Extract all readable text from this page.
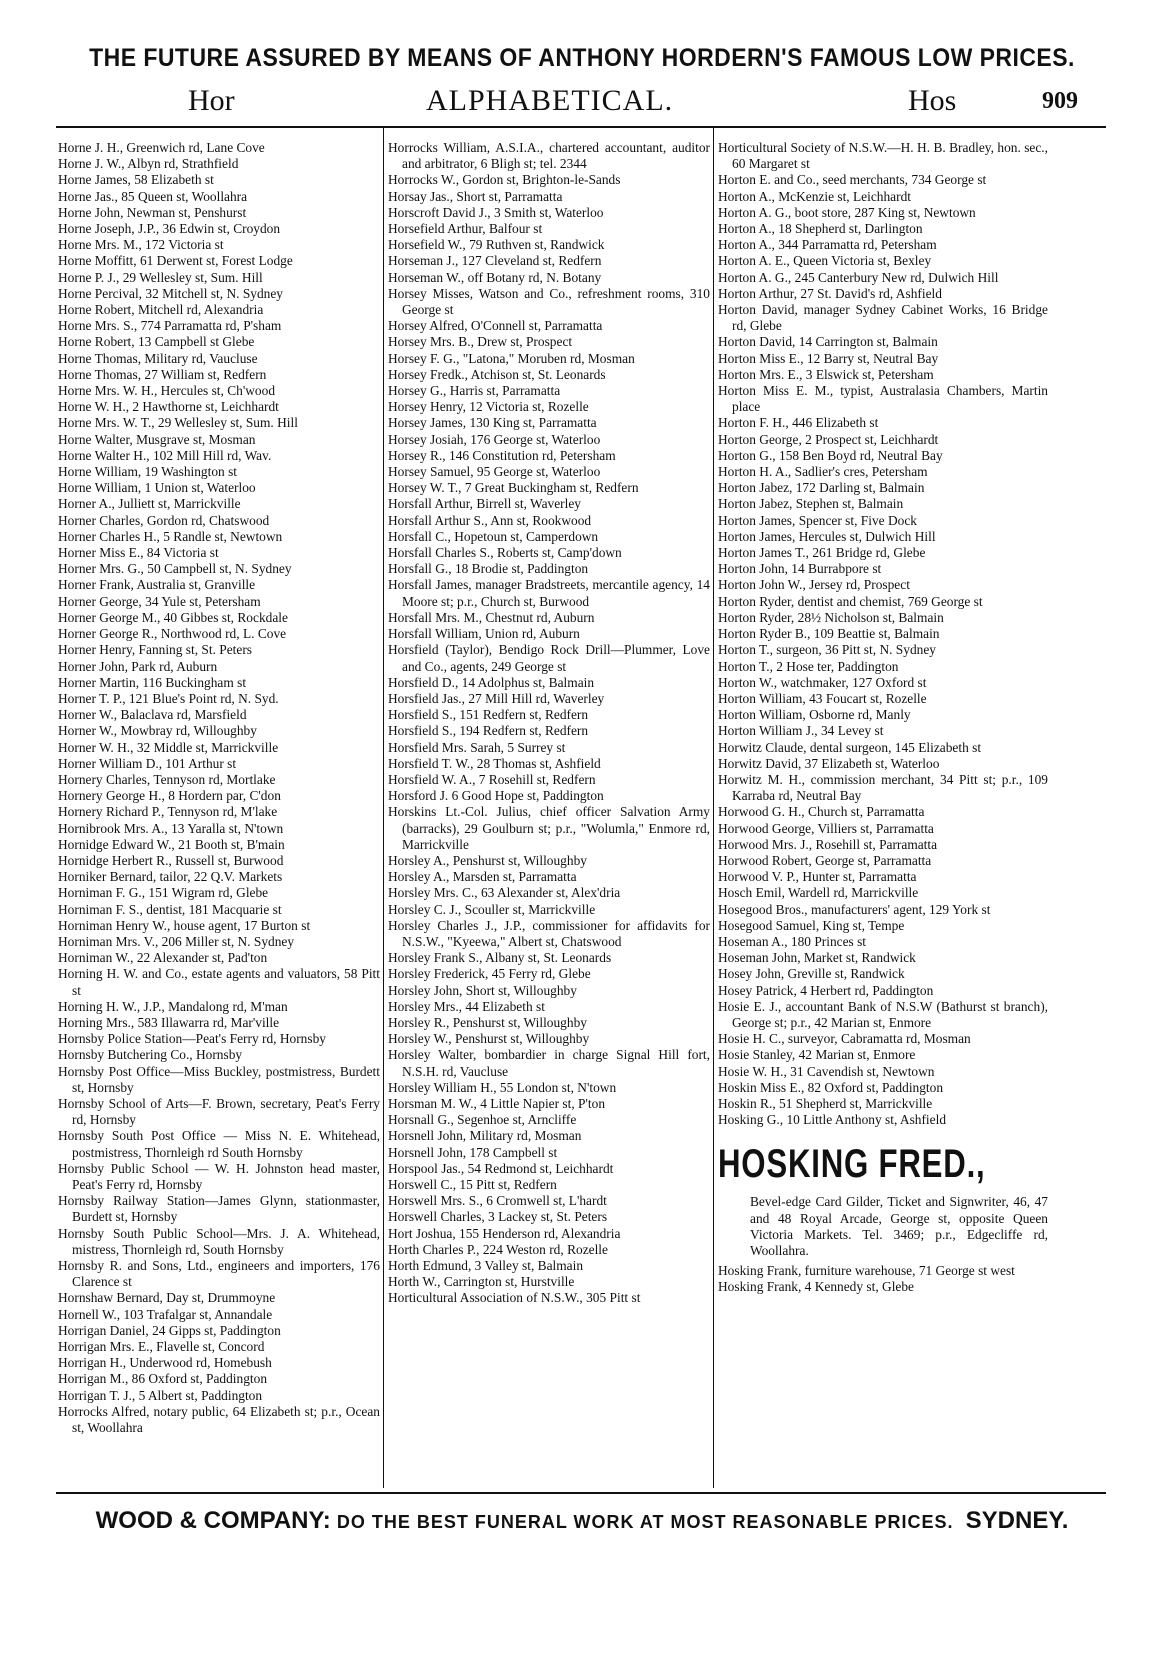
THE FUTURE ASSURED BY MEANS OF ANTHONY HORDERN'S FAMOUS LOW PRICES.
Hor	ALPHABETICAL.	Hos	909
Horne J. H., Greenwich rd, Lane Cove
Horne J. W., Albyn rd, Strathfield
Horne James, 58 Elizabeth st
Horne Jas., 85 Queen st, Woollahra
Horne John, Newman st, Penshurst
Horne Joseph, J.P., 36 Edwin st, Croydon
Horne Mrs. M., 172 Victoria st
Horne Moffitt, 61 Derwent st, Forest Lodge
Horne P. J., 29 Wellesley st, Sum. Hill
Horne Percival, 32 Mitchell st, N. Sydney
Horne Robert, Mitchell rd, Alexandria
Horne Mrs. S., 774 Parramatta rd, P'sham
Horne Robert, 13 Campbell st Glebe
Horne Thomas, Military rd, Vaucluse
Horne Thomas, 27 William st, Redfern
Horne Mrs. W. H., Hercules st, Ch'wood
Horne W. H., 2 Hawthorne st, Leichhardt
Horne Mrs. W. T., 29 Wellesley st, Sum. Hill
Horne Walter, Musgrave st, Mosman
Horne Walter H., 102 Mill Hill rd, Wav.
Horne William, 19 Washington st
Horne William, 1 Union st, Waterloo
Horner A., Julliett st, Marrickville
Horner Charles, Gordon rd, Chatswood
Horner Charles H., 5 Randle st, Newtown
Horner Miss E., 84 Victoria st
Horner Mrs. G., 50 Campbell st, N. Sydney
Horner Frank, Australia st, Granville
Horner George, 34 Yule st, Petersham
Horner George M., 40 Gibbes st, Rockdale
Horner George R., Northwood rd, L. Cove
Horner Henry, Fanning st, St. Peters
Horner John, Park rd, Auburn
Horner Martin, 116 Buckingham st
Horner T. P., 121 Blue's Point rd, N. Syd.
Horner W., Balaclava rd, Marsfield
Horner W., Mowbray rd, Willoughby
Horner W. H., 32 Middle st, Marrickville
Horner William D., 101 Arthur st
Hornery Charles, Tennyson rd, Mortlake
Hornery George H., 8 Hordern par, C'don
Hornery Richard P., Tennyson rd, M'lake
Hornibrook Mrs. A., 13 Yaralla st, N'town
Hornidge Edward W., 21 Booth st, B'main
Hornidge Herbert R., Russell st, Burwood
Horniker Bernard, tailor, 22 Q.V. Markets
Horniman F. G., 151 Wigram rd, Glebe
Horniman F. S., dentist, 181 Macquarie st
Horniman Henry W., house agent, 17 Burton st
Horniman Mrs. V., 206 Miller st, N. Sydney
Horniman W., 22 Alexander st, Pad'ton
Horning H. W. and Co., estate agents and valuators, 58 Pitt st
Horning H. W., J.P., Mandalong rd, M'man
Horning Mrs., 583 Illawarra rd, Mar'ville
Hornsby Police Station—Peat's Ferry rd, Hornsby
Hornsby Butchering Co., Hornsby
Hornsby Post Office—Miss Buckley, postmistress, Burdett st, Hornsby
Hornsby School of Arts—F. Brown, secretary, Peat's Ferry rd, Hornsby
Hornsby South Post Office — Miss N. E. Whitehead, postmistress, Thornleigh rd South Hornsby
Hornsby Public School — W. H. Johnston head master, Peat's Ferry rd, Hornsby
Hornsby Railway Station—James Glynn, stationmaster, Burdett st, Hornsby
Hornsby South Public School—Mrs. J. A. Whitehead, mistress, Thornleigh rd, South Hornsby
Hornsby R. and Sons, Ltd., engineers and importers, 176 Clarence st
Hornshaw Bernard, Day st, Drummoyne
Hornell W., 103 Trafalgar st, Annandale
Horrigan Daniel, 24 Gipps st, Paddington
Horrigan Mrs. E., Flavelle st, Concord
Horrigan H., Underwood rd, Homebush
Horrigan M., 86 Oxford st, Paddington
Horrigan T. J., 5 Albert st, Paddington
Horrocks Alfred, notary public, 64 Elizabeth st; p.r., Ocean st, Woollahra
Horrocks William, A.S.I.A., chartered accountant, auditor and arbitrator, 6 Bligh st; tel. 2344
Horrocks W., Gordon st, Brighton-le-Sands
Horsay Jas., Short st, Parramatta
Horscroft David J., 3 Smith st, Waterloo
Horsefield Arthur, Balfour st
Horsefield W., 79 Ruthven st, Randwick
Horseman J., 127 Cleveland st, Redfern
Horseman W., off Botany rd, N. Botany
Horsey Misses, Watson and Co., refreshment rooms, 310 George st
Horsey Alfred, O'Connell st, Parramatta
Horsey Mrs. B., Drew st, Prospect
Horsey F. G., "Latona," Moruben rd, Mosman
Horsey Fredk., Atchison st, St. Leonards
Horsey G., Harris st, Parramatta
Horsey Henry, 12 Victoria st, Rozelle
Horsey James, 130 King st, Parramatta
Horsey Josiah, 176 George st, Waterloo
Horsey R., 146 Constitution rd, Petersham
Horsey Samuel, 95 George st, Waterloo
Horsey W. T., 7 Great Buckingham st, Redfern
Horsfall Arthur, Birrell st, Waverley
Horsfall Arthur S., Ann st, Rookwood
Horsfall C., Hopetoun st, Camperdown
Horsfall Charles S., Roberts st, Camp'down
Horsfall G., 18 Brodie st, Paddington
Horsfall James, manager Bradstreets, mercantile agency, 14 Moore st; p.r., Church st, Burwood
Horsfall Mrs. M., Chestnut rd, Auburn
Horsfall William, Union rd, Auburn
Horsfield (Taylor), Bendigo Rock Drill—Plummer, Love and Co., agents, 249 George st
Horsfield D., 14 Adolphus st, Balmain
Horsfield Jas., 27 Mill Hill rd, Waverley
Horsfield S., 151 Redfern st, Redfern
Horsfield S., 194 Redfern st, Redfern
Horsfield Mrs. Sarah, 5 Surrey st
Horsfield T. W., 28 Thomas st, Ashfield
Horsfield W. A., 7 Rosehill st, Redfern
Horsford J. 6 Good Hope st, Paddington
Horskins Lt.-Col. Julius, chief officer Salvation Army (barracks), 29 Goulburn st; p.r., "Wolumla," Enmore rd, Marrickville
Horsley A., Penshurst st, Willoughby
Horsley A., Marsden st, Parramatta
Horsley Mrs. C., 63 Alexander st, Alex'dria
Horsley C. J., Scouller st, Marrickville
Horsley Charles J., J.P., commissioner for affidavits for N.S.W., "Kyeewa," Albert st, Chatswood
Horsley Frank S., Albany st, St. Leonards
Horsley Frederick, 45 Ferry rd, Glebe
Horsley John, Short st, Willoughby
Horsley Mrs., 44 Elizabeth st
Horsley R., Penshurst st, Willoughby
Horsley W., Penshurst st, Willoughby
Horsley Walter, bombardier in charge Signal Hill fort, N.S.H. rd, Vaucluse
Horsley William H., 55 London st, N'town
Horsman M. W., 4 Little Napier st, P'ton
Horsnall G., Segenhoe st, Arncliffe
Horsnell John, Military rd, Mosman
Horsnell John, 178 Campbell st
Horspool Jas., 54 Redmond st, Leichhardt
Horswell C., 15 Pitt st, Redfern
Horswell Mrs. S., 6 Cromwell st, L'hardt
Horswell Charles, 3 Lackey st, St. Peters
Hort Joshua, 155 Henderson rd, Alexandria
Horth Charles P., 224 Weston rd, Rozelle
Horth Edmund, 3 Valley st, Balmain
Horth W., Carrington st, Hurstville
Horticultural Association of N.S.W., 305 Pitt st
Horticultural Society of N.S.W.—H. H. B. Bradley, hon. sec., 60 Margaret st
Horton E. and Co., seed merchants, 734 George st
Horton A., McKenzie st, Leichhardt
Horton A. G., boot store, 287 King st, Newtown
Horton A., 18 Shepherd st, Darlington
Horton A., 344 Parramatta rd, Petersham
Horton A. E., Queen Victoria st, Bexley
Horton A. G., 245 Canterbury New rd, Dulwich Hill
Horton Arthur, 27 St. David's rd, Ashfield
Horton David, manager Sydney Cabinet Works, 16 Bridge rd, Glebe
Horton David, 14 Carrington st, Balmain
Horton Miss E., 12 Barry st, Neutral Bay
Horton Mrs. E., 3 Elswick st, Petersham
Horton Miss E. M., typist, Australasia Chambers, Martin place
Horton F. H., 446 Elizabeth st
Horton George, 2 Prospect st, Leichhardt
Horton G., 158 Ben Boyd rd, Neutral Bay
Horton H. A., Sadlier's cres, Petersham
Horton Jabez, 172 Darling st, Balmain
Horton Jabez, Stephen st, Balmain
Horton James, Spencer st, Five Dock
Horton James, Hercules st, Dulwich Hill
Horton James T., 261 Bridge rd, Glebe
Horton John, 14 Burrabpore st
Horton John W., Jersey rd, Prospect
Horton Ryder, dentist and chemist, 769 George st
Horton Ryder, 28½ Nicholson st, Balmain
Horton Ryder B., 109 Beattie st, Balmain
Horton T., surgeon, 36 Pitt st, N. Sydney
Horton T., 2 Hose ter, Paddington
Horton W., watchmaker, 127 Oxford st
Horton William, 43 Foucart st, Rozelle
Horton William, Osborne rd, Manly
Horton William J., 34 Levey st
Horwitz Claude, dental surgeon, 145 Elizabeth st
Horwitz David, 37 Elizabeth st, Waterloo
Horwitz M. H., commission merchant, 34 Pitt st; p.r., 109 Karraba rd, Neutral Bay
Horwood G. H., Church st, Parramatta
Horwood George, Villiers st, Parramatta
Horwood Mrs. J., Rosehill st, Parramatta
Horwood Robert, George st, Parramatta
Horwood V. P., Hunter st, Parramatta
Hosch Emil, Wardell rd, Marrickville
Hosegood Bros., manufacturers' agent, 129 York st
Hosegood Samuel, King st, Tempe
Hoseman A., 180 Princes st
Hoseman John, Market st, Randwick
Hosey John, Greville st, Randwick
Hosey Patrick, 4 Herbert rd, Paddington
Hosie E. J., accountant Bank of N.S.W (Bathurst st branch), George st; p.r., 42 Marian st, Enmore
Hosie H. C., surveyor, Cabramatta rd, Mosman
Hosie Stanley, 42 Marian st, Enmore
Hosie W. H., 31 Cavendish st, Newtown
Hoskin Miss E., 82 Oxford st, Paddington
Hoskin R., 51 Shepherd st, Marrickville
Hosking G., 10 Little Anthony st, Ashfield
HOSKING FRED.,
Bevel-edge Card Gilder, Ticket and Signwriter, 46, 47 and 48 Royal Arcade, George st, opposite Queen Victoria Markets. Tel. 3469; p.r., Edgecliffe rd, Woollahra.
Hosking Frank, furniture warehouse, 71 George st west
Hosking Frank, 4 Kennedy st, Glebe
WOOD & COMPANY: DO THE BEST FUNERAL WORK AT MOST REASONABLE PRICES. SYDNEY.
